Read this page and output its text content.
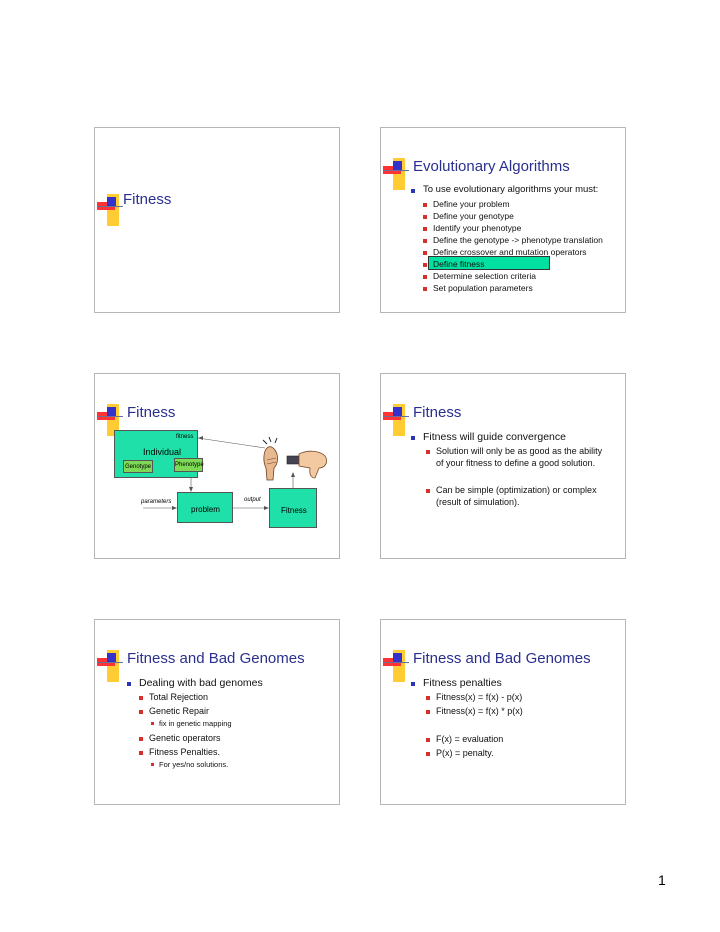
Fitness
Evolutionary Algorithms
To use evolutionary algorithms your must:
Define your problem
Define your genotype
Identify your phenotype
Define the genotype -> phenotype translation
Define crossover and mutation operators
Define fitness
Determine selection criteria
Set population parameters
Fitness
fitness
Individual
Genotype	Phenotype
parameters
problem
output
Fitness
Fitness
Fitness will guide convergence
Solution will only be as good as the ability
of your fitness to define a good solution.
Can be simple (optimization) or complex
(result of simulation).
Fitness and Bad Genomes
Dealing with bad genomes
Total Rejection
Genetic Repair
fix in genetic mapping
Genetic operators
Fitness Penalties.
For yes/no solutions.
Fitness and Bad Genomes
Fitness penalties
Fitness(x) = f(x) - p(x)
Fitness(x) = f(x) * p(x)
F(x) = evaluation
P(x) = penalty.
1
